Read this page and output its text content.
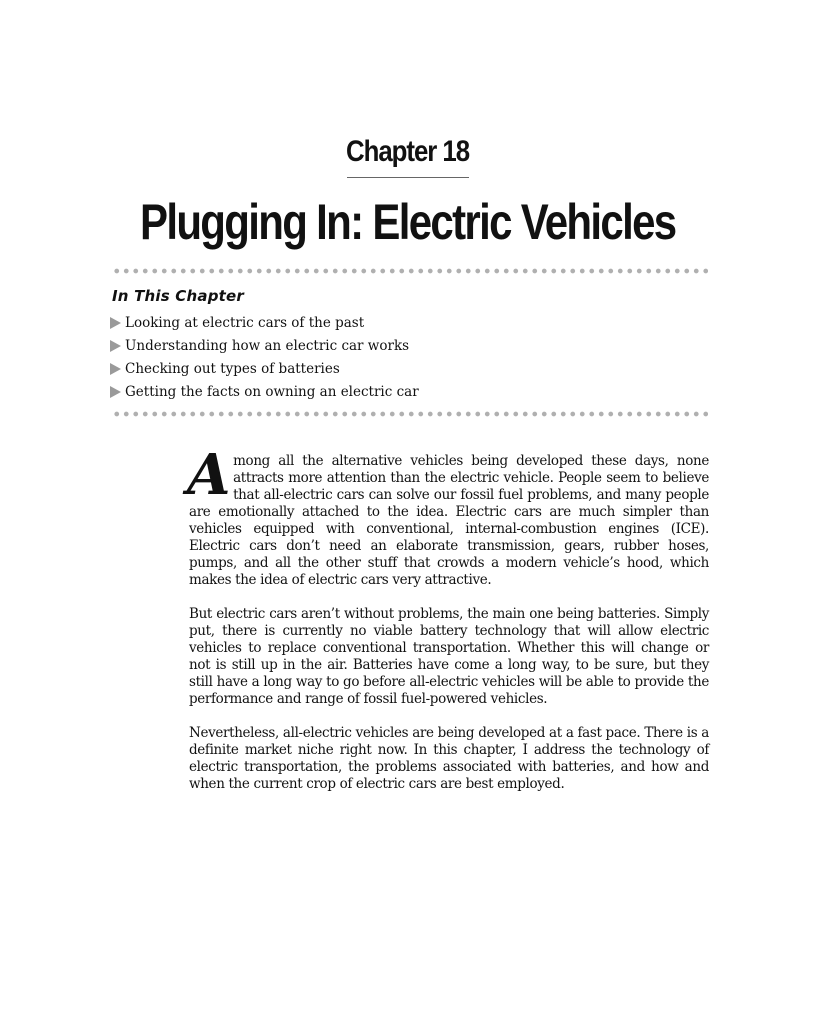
Chapter 18
Plugging In: Electric Vehicles
In This Chapter
Looking at electric cars of the past
Understanding how an electric car works
Checking out types of batteries
Getting the facts on owning an electric car

Among all the alternative vehicles being developed these days, none attracts more attention than the electric vehicle. People seem to believe that all-electric cars can solve our fossil fuel problems, and many people are emotionally attached to the idea. Electric cars are much simpler than vehicles equipped with conventional, internal-combustion engines (ICE). Electric cars don’t need an elaborate transmission, gears, rubber hoses, pumps, and all the other stuff that crowds a modern vehicle’s hood, which makes the idea of electric cars very attractive.

But electric cars aren’t without problems, the main one being batteries. Simply put, there is currently no viable battery technology that will allow electric vehicles to replace conventional transportation. Whether this will change or not is still up in the air. Batteries have come a long way, to be sure, but they still have a long way to go before all-electric vehicles will be able to provide the performance and range of fossil fuel-powered vehicles.

Nevertheless, all-electric vehicles are being developed at a fast pace. There is a definite market niche right now. In this chapter, I address the technology of electric transportation, the problems associated with batteries, and how and when the current crop of electric cars are best employed.
